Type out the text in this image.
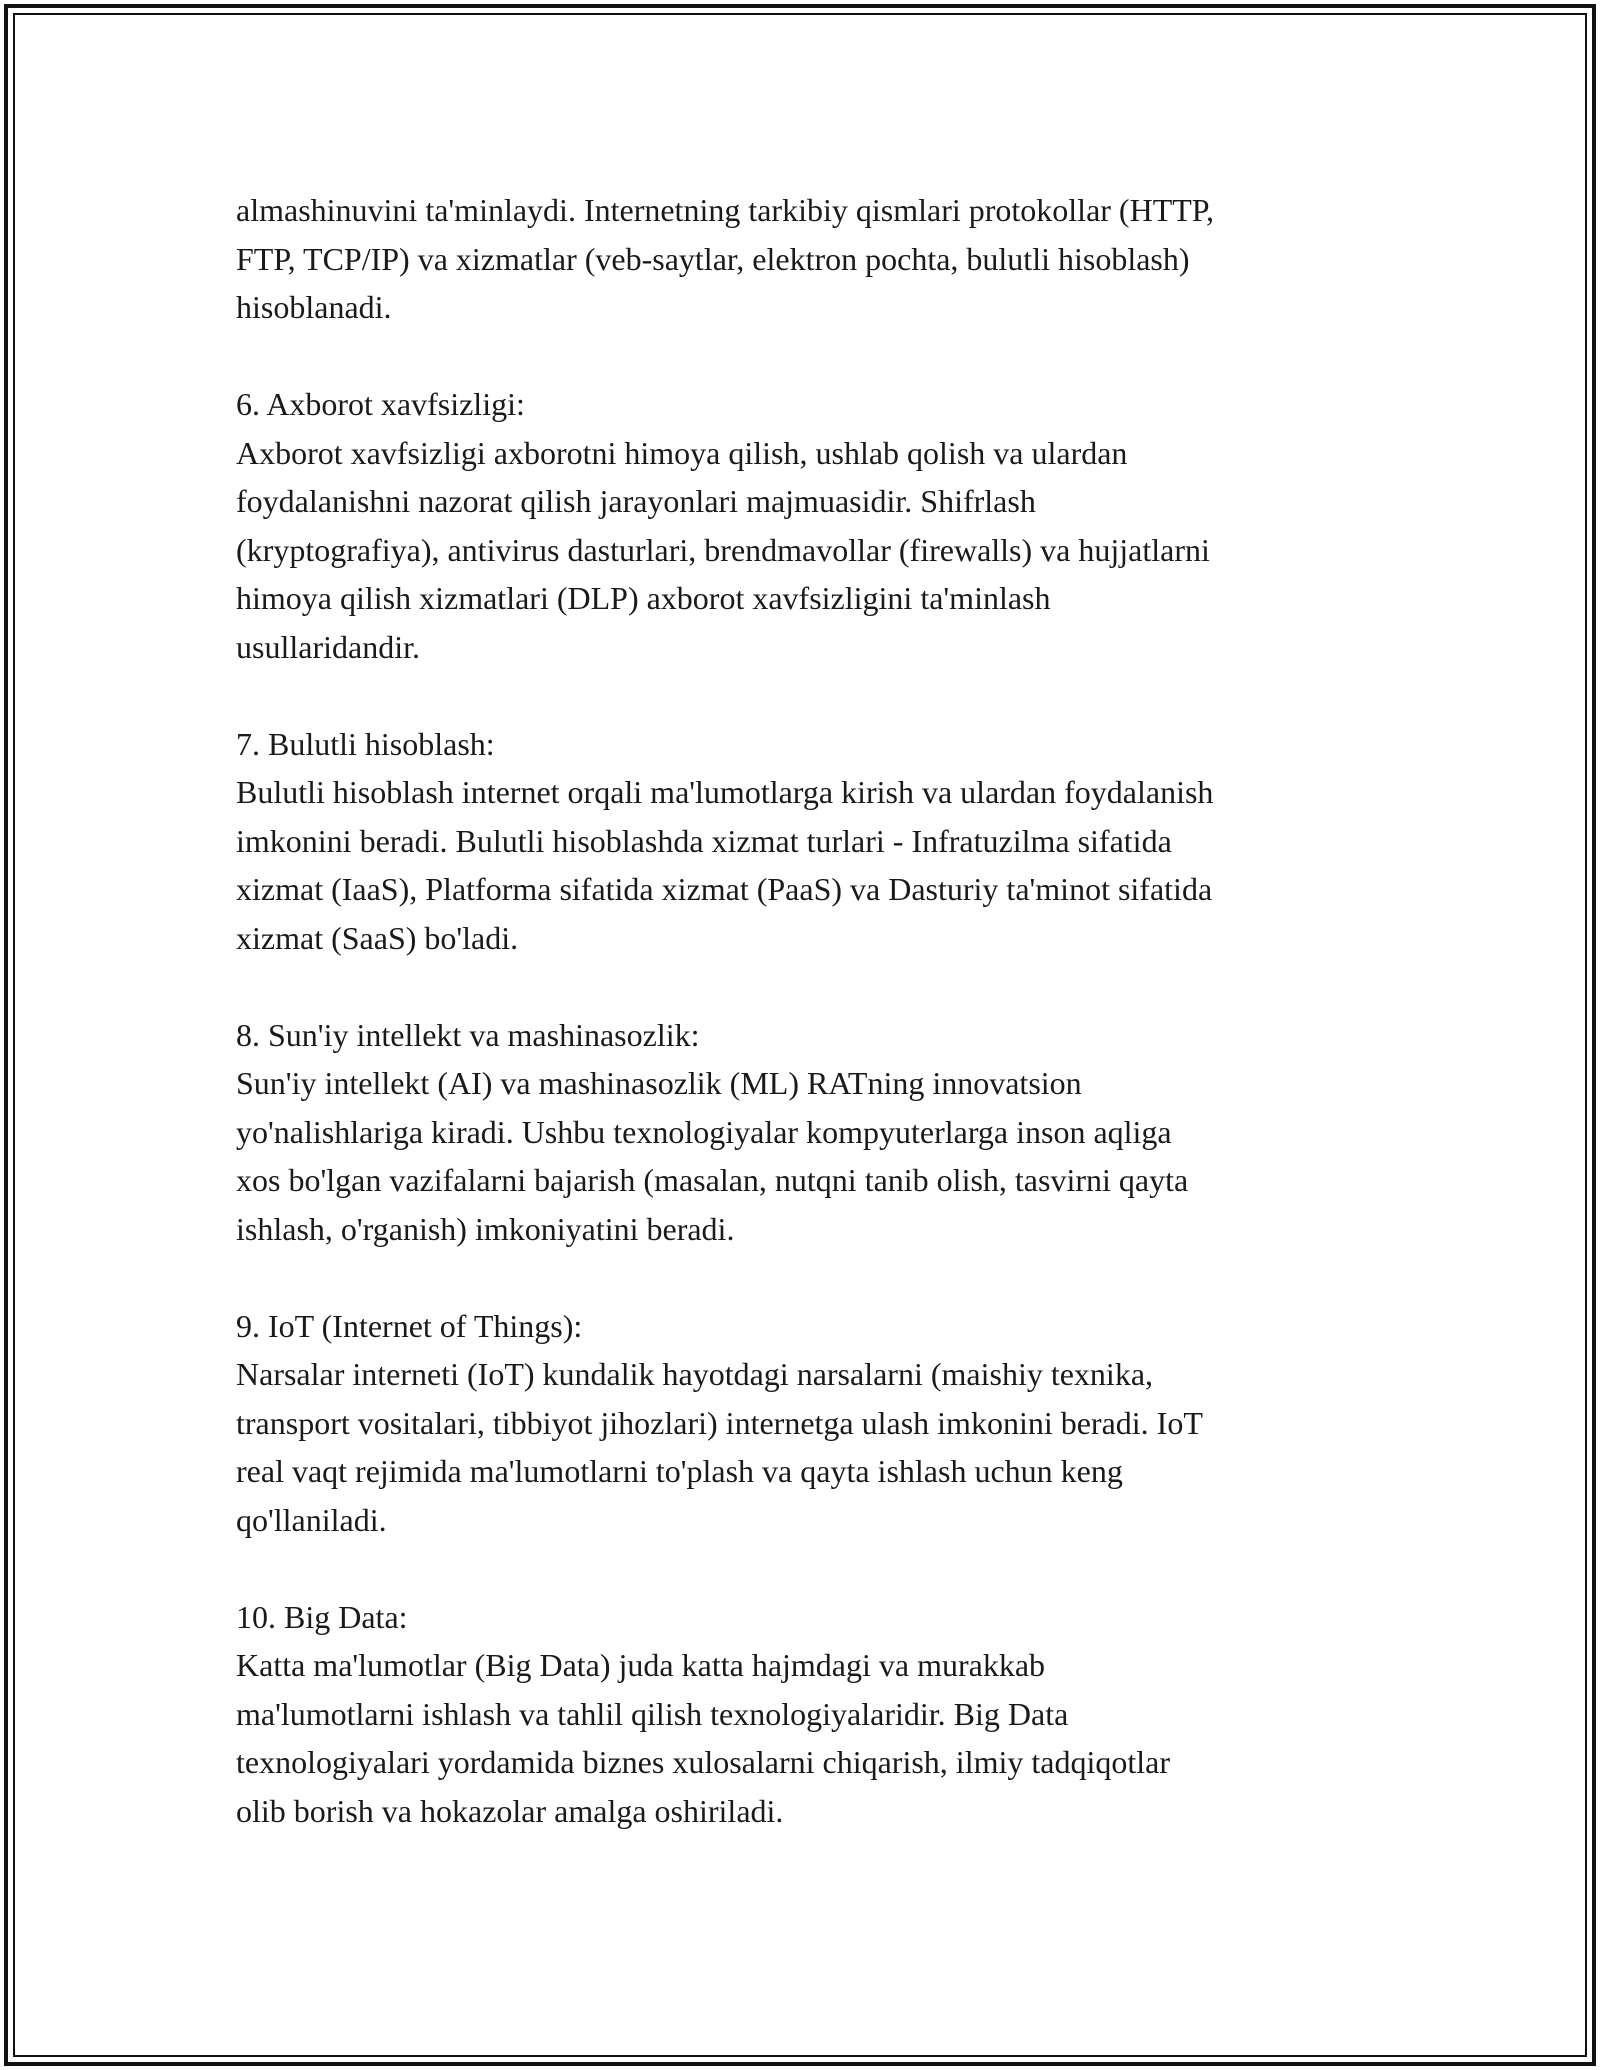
almashinuvini ta'minlaydi. Internetning tarkibiy qismlari protokollar (HTTP,
FTP, TCP/IP) va xizmatlar (veb-saytlar, elektron pochta, bulutli hisoblash)
hisoblanadi.
6. Axborot xavfsizligi:
Axborot xavfsizligi axborotni himoya qilish, ushlab qolish va ulardan
foydalanishni nazorat qilish jarayonlari majmuasidir. Shifrlash
(kryptografiya), antivirus dasturlari, brendmavollar (firewalls) va hujjatlarni
himoya qilish xizmatlari (DLP) axborot xavfsizligini ta'minlash
usullaridandir.
7. Bulutli hisoblash:
Bulutli hisoblash internet orqali ma'lumotlarga kirish va ulardan foydalanish
imkonini beradi. Bulutli hisoblashda xizmat turlari - Infratuzilma sifatida
xizmat (IaaS), Platforma sifatida xizmat (PaaS) va Dasturiy ta'minot sifatida
xizmat (SaaS) bo'ladi.
8. Sun'iy intellekt va mashinasozlik:
Sun'iy intellekt (AI) va mashinasozlik (ML) RATning innovatsion
yo'nalishlariga kiradi. Ushbu texnologiyalar kompyuterlarga inson aqliga
xos bo'lgan vazifalarni bajarish (masalan, nutqni tanib olish, tasvirni qayta
ishlash, o'rganish) imkoniyatini beradi.
9. IoT (Internet of Things):
Narsalar interneti (IoT) kundalik hayotdagi narsalarni (maishiy texnika,
transport vositalari, tibbiyot jihozlari) internetga ulash imkonini beradi. IoT
real vaqt rejimida ma'lumotlarni to'plash va qayta ishlash uchun keng
qo'llaniladi.
10. Big Data:
Katta ma'lumotlar (Big Data) juda katta hajmdagi va murakkab
ma'lumotlarni ishlash va tahlil qilish texnologiyalaridir. Big Data
texnologiyalari yordamida biznes xulosalarni chiqarish, ilmiy tadqiqotlar
olib borish va hokazolar amalga oshiriladi.
